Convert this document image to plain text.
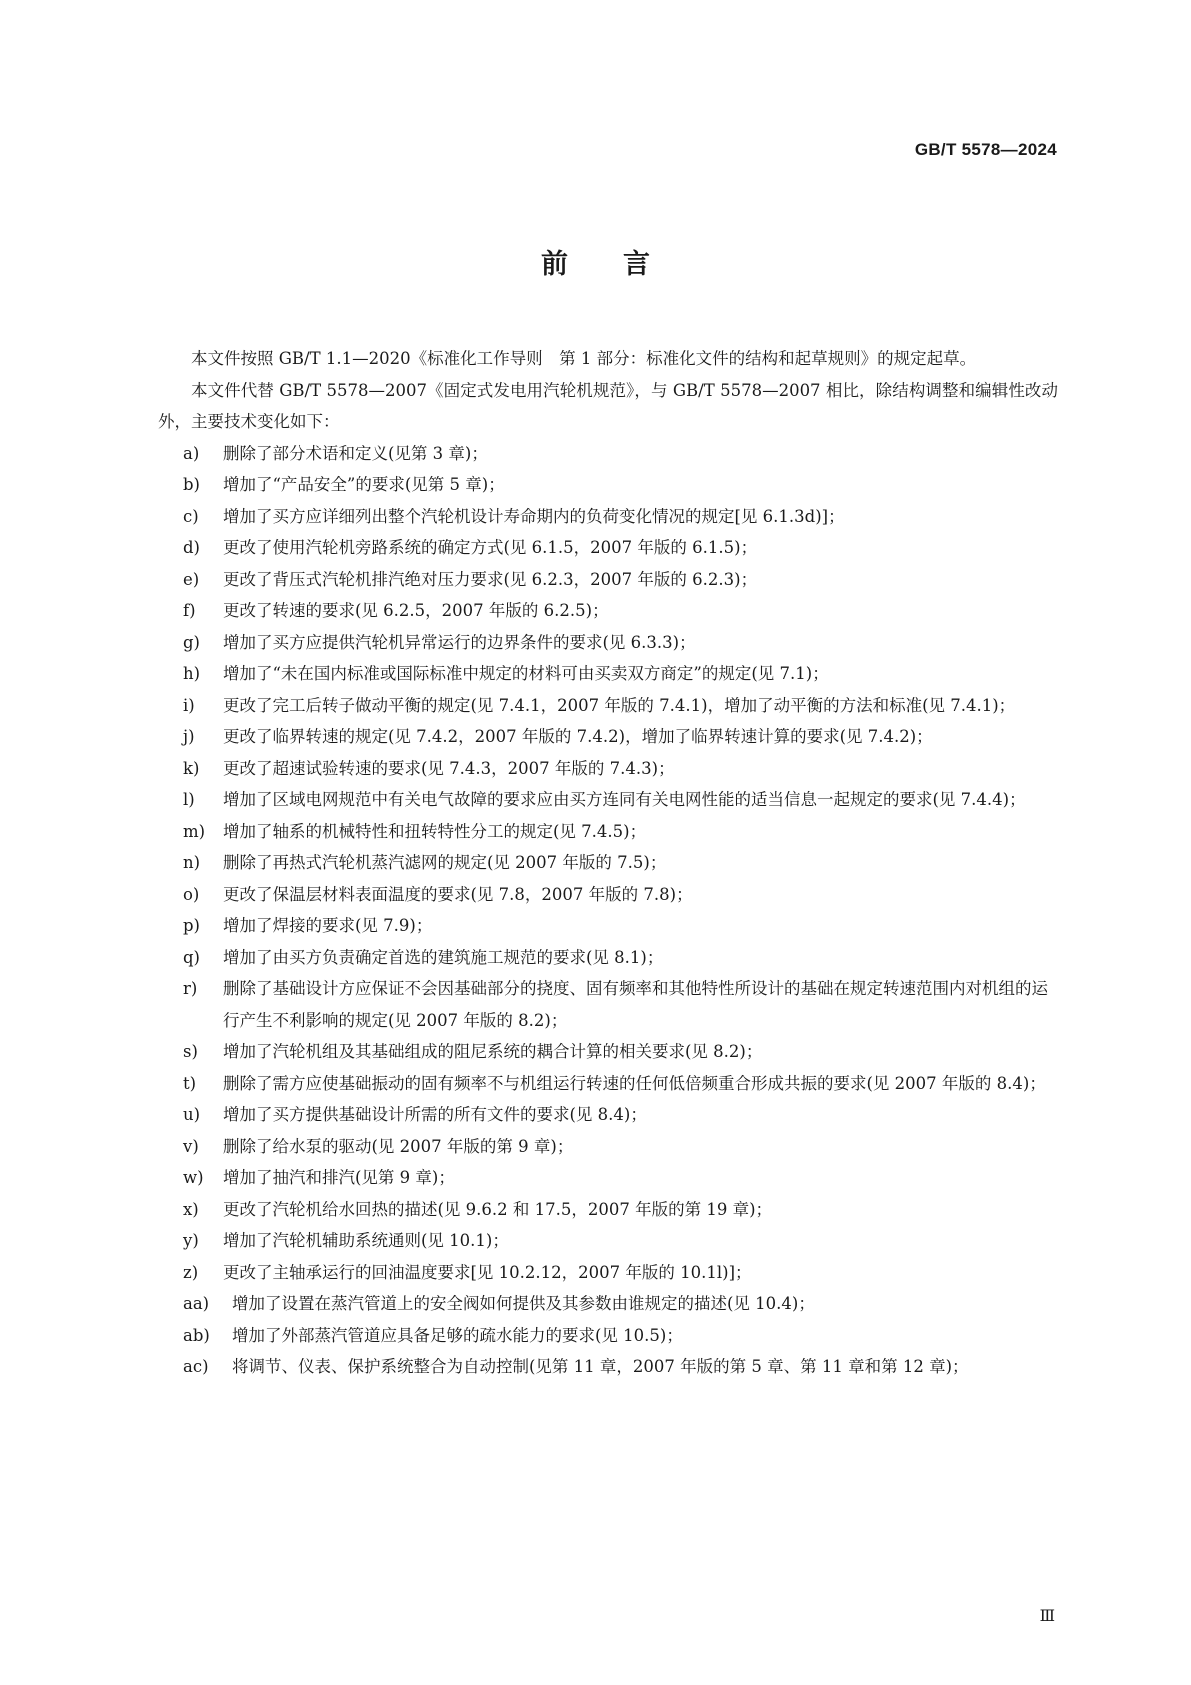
GB/T 5578—2024
前言

本文件按照 GB/T 1.1—2020《标准化工作导则　第 1 部分：标准化文件的结构和起草规则》的规定起草。

本文件代替 GB/T 5578—2007《固定式发电用汽轮机规范》，与 GB/T 5578—2007 相比，除结构调整和编辑性改动外，主要技术变化如下：

a) 删除了部分术语和定义(见第 3 章)；
b) 增加了“产品安全”的要求(见第 5 章)；
c) 增加了买方应详细列出整个汽轮机设计寿命期内的负荷变化情况的规定[见 6.1.3d)]；
d) 更改了使用汽轮机旁路系统的确定方式(见 6.1.5，2007 年版的 6.1.5)；
e) 更改了背压式汽轮机排汽绝对压力要求(见 6.2.3，2007 年版的 6.2.3)；
f) 更改了转速的要求(见 6.2.5，2007 年版的 6.2.5)；
g) 增加了买方应提供汽轮机异常运行的边界条件的要求(见 6.3.3)；
h) 增加了“未在国内标准或国际标准中规定的材料可由买卖双方商定”的规定(见 7.1)；
i) 更改了完工后转子做动平衡的规定(见 7.4.1，2007 年版的 7.4.1)，增加了动平衡的方法和标准(见 7.4.1)；
j) 更改了临界转速的规定(见 7.4.2，2007 年版的 7.4.2)，增加了临界转速计算的要求(见 7.4.2)；
k) 更改了超速试验转速的要求(见 7.4.3，2007 年版的 7.4.3)；
l) 增加了区域电网规范中有关电气故障的要求应由买方连同有关电网性能的适当信息一起规定的要求(见 7.4.4)；
m) 增加了轴系的机械特性和扭转特性分工的规定(见 7.4.5)；
n) 删除了再热式汽轮机蒸汽滤网的规定(见 2007 年版的 7.5)；
o) 更改了保温层材料表面温度的要求(见 7.8，2007 年版的 7.8)；
p) 增加了焊接的要求(见 7.9)；
q) 增加了由买方负责确定首选的建筑施工规范的要求(见 8.1)；
r) 删除了基础设计方应保证不会因基础部分的挠度、固有频率和其他特性所设计的基础在规定转速范围内对机组的运行产生不利影响的规定(见 2007 年版的 8.2)；
s) 增加了汽轮机组及其基础组成的阻尼系统的耦合计算的相关要求(见 8.2)；
t) 删除了需方应使基础振动的固有频率不与机组运行转速的任何低倍频重合形成共振的要求(见 2007 年版的 8.4)；
u) 增加了买方提供基础设计所需的所有文件的要求(见 8.4)；
v) 删除了给水泵的驱动(见 2007 年版的第 9 章)；
w) 增加了抽汽和排汽(见第 9 章)；
x) 更改了汽轮机给水回热的描述(见 9.6.2 和 17.5，2007 年版的第 19 章)；
y) 增加了汽轮机辅助系统通则(见 10.1)；
z) 更改了主轴承运行的回油温度要求[见 10.2.12，2007 年版的 10.1l)]；
aa) 增加了设置在蒸汽管道上的安全阀如何提供及其参数由谁规定的描述(见 10.4)；
ab) 增加了外部蒸汽管道应具备足够的疏水能力的要求(见 10.5)；
ac) 将调节、仪表、保护系统整合为自动控制(见第 11 章，2007 年版的第 5 章、第 11 章和第 12 章)；
Ⅲ
